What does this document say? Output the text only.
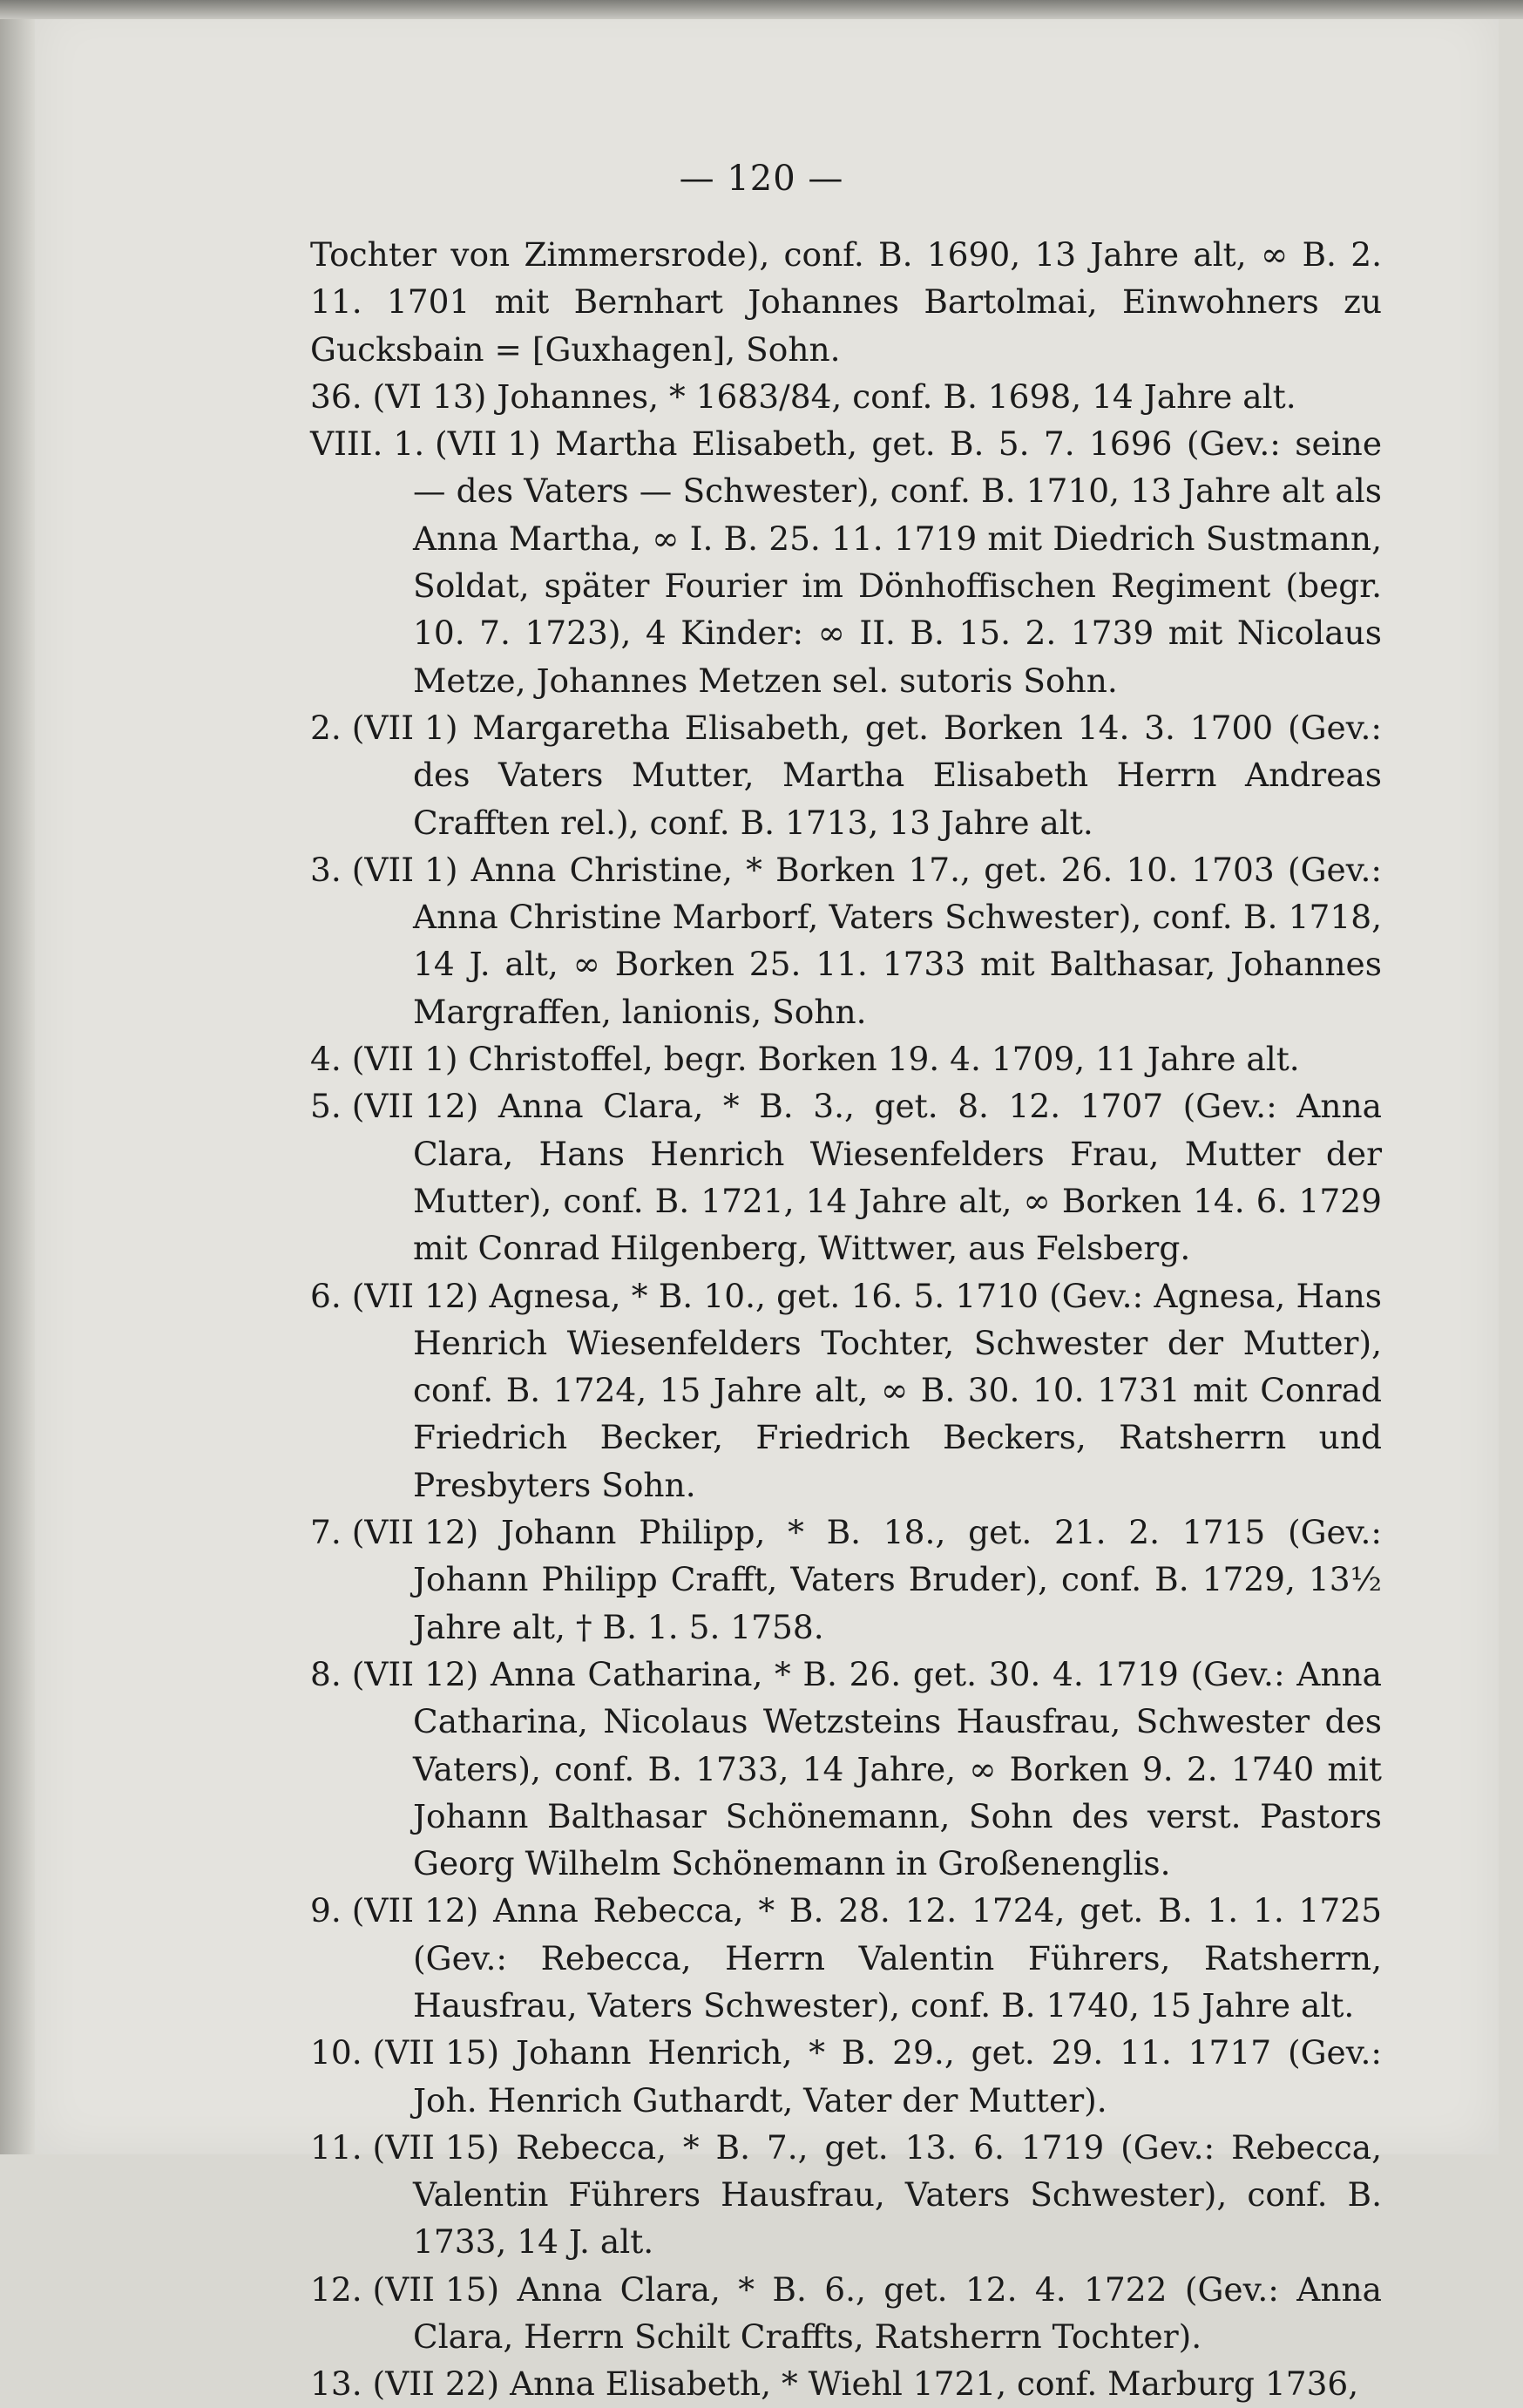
— 120 —

Tochter von Zimmersrode), conf. B. 1690, 13 Jahre alt, ∞ B. 2. 11. 1701 mit Bernhart Johannes Bartolmai, Einwohners zu Gucksbain = [Guxhagen], Sohn.

36. (VI 13) Johannes, * 1683/84, conf. B. 1698, 14 Jahre alt.

VIII. 1. (VII 1) Martha Elisabeth, get. B. 5. 7. 1696 (Gev.: seine — des Vaters — Schwester), conf. B. 1710, 13 Jahre alt als Anna Martha, ∞ I. B. 25. 11. 1719 mit Diedrich Sustmann, Soldat, später Fourier im Dönhoffischen Regiment (begr. 10. 7. 1723), 4 Kinder: ∞ II. B. 15. 2. 1739 mit Nicolaus Metze, Johannes Metzen sel. sutoris Sohn.

2. (VII 1) Margaretha Elisabeth, get. Borken 14. 3. 1700 (Gev.: des Vaters Mutter, Martha Elisabeth Herrn Andreas Crafften rel.), conf. B. 1713, 13 Jahre alt.

3. (VII 1) Anna Christine, * Borken 17., get. 26. 10. 1703 (Gev.: Anna Christine Marborf, Vaters Schwester), conf. B. 1718, 14 J. alt, ∞ Borken 25. 11. 1733 mit Balthasar, Johannes Margraffen, lanionis, Sohn.

4. (VII 1) Christoffel, begr. Borken 19. 4. 1709, 11 Jahre alt.

5. (VII 12) Anna Clara, * B. 3., get. 8. 12. 1707 (Gev.: Anna Clara, Hans Henrich Wiesenfelders Frau, Mutter der Mutter), conf. B. 1721, 14 Jahre alt, ∞ Borken 14. 6. 1729 mit Conrad Hilgenberg, Wittwer, aus Felsberg.

6. (VII 12) Agnesa, * B. 10., get. 16. 5. 1710 (Gev.: Agnesa, Hans Henrich Wiesenfelders Tochter, Schwester der Mutter), conf. B. 1724, 15 Jahre alt, ∞ B. 30. 10. 1731 mit Conrad Friedrich Becker, Friedrich Beckers, Ratsherrn und Presbyters Sohn.

7. (VII 12) Johann Philipp, * B. 18., get. 21. 2. 1715 (Gev.: Johann Philipp Crafft, Vaters Bruder), conf. B. 1729, 13½ Jahre alt, † B. 1. 5. 1758.

8. (VII 12) Anna Catharina, * B. 26. get. 30. 4. 1719 (Gev.: Anna Catharina, Nicolaus Wetzsteins Hausfrau, Schwester des Vaters), conf. B. 1733, 14 Jahre, ∞ Borken 9. 2. 1740 mit Johann Balthasar Schönemann, Sohn des verst. Pastors Georg Wilhelm Schönemann in Großenenglis.

9. (VII 12) Anna Rebecca, * B. 28. 12. 1724, get. B. 1. 1. 1725 (Gev.: Rebecca, Herrn Valentin Führers, Ratsherrn, Hausfrau, Vaters Schwester), conf. B. 1740, 15 Jahre alt.

10. (VII 15) Johann Henrich, * B. 29., get. 29. 11. 1717 (Gev.: Joh. Henrich Guthardt, Vater der Mutter).

11. (VII 15) Rebecca, * B. 7., get. 13. 6. 1719 (Gev.: Rebecca, Valentin Führers Hausfrau, Vaters Schwester), conf. B. 1733, 14 J. alt.

12. (VII 15) Anna Clara, * B. 6., get. 12. 4. 1722 (Gev.: Anna Clara, Herrn Schilt Craffts, Ratsherrn Tochter).

13. (VII 22) Anna Elisabeth, * Wiehl 1721, conf. Marburg 1736,
